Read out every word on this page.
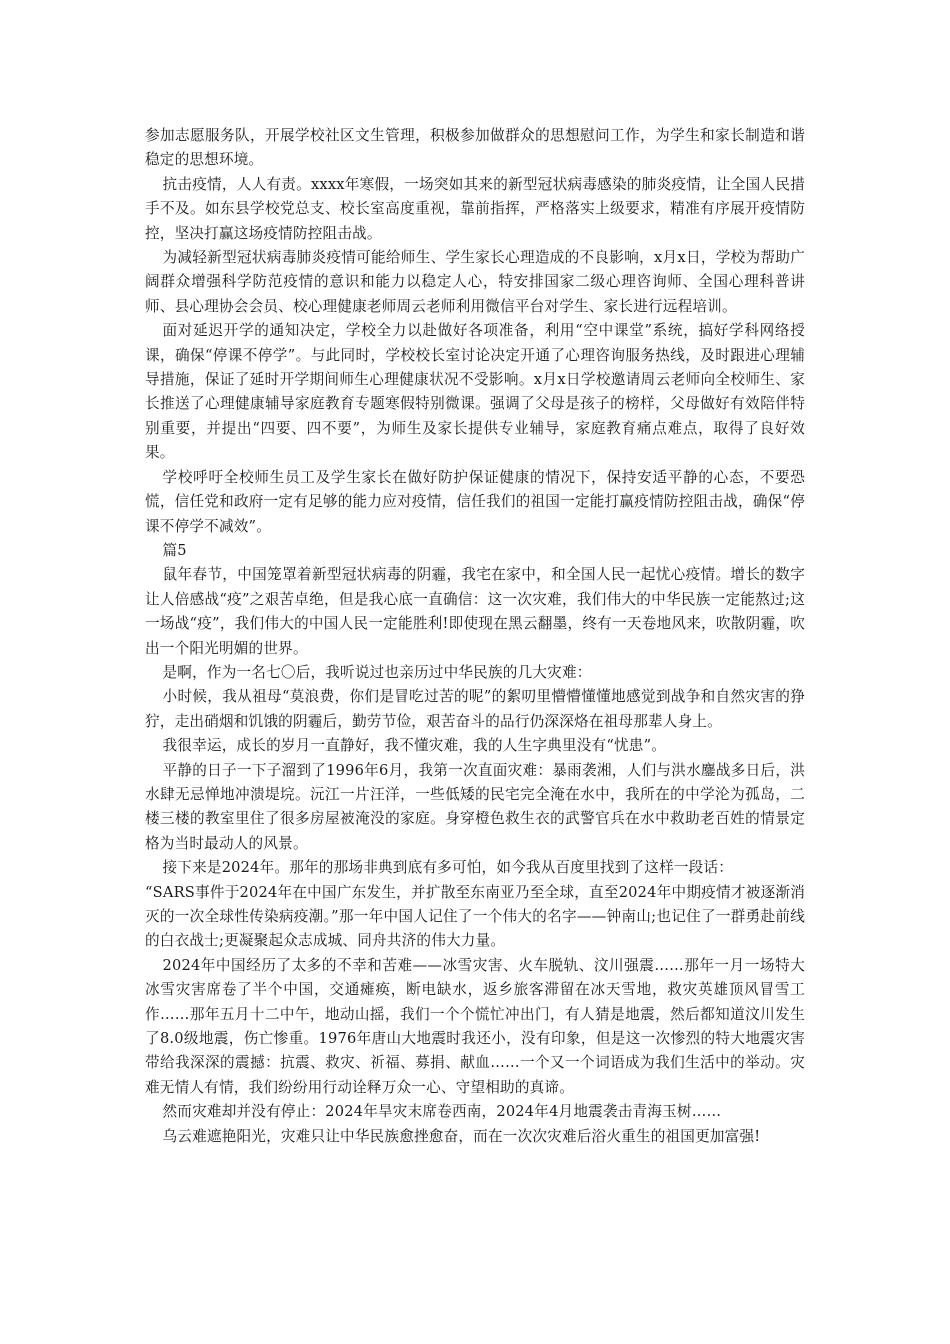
参加志愿服务队，开展学校社区文生管理，积极参加做群众的思想慰问工作，为学生和家长制造和谐稳定的思想环境。

抗击疫情，人人有责。xxxx年寒假，一场突如其来的新型冠状病毒感染的肺炎疫情，让全国人民措手不及。如东县学校党总支、校长室高度重视，靠前指挥，严格落实上级要求，精准有序展开疫情防控，坚决打赢这场疫情防控阻击战。

为减轻新型冠状病毒肺炎疫情可能给师生、学生家长心理造成的不良影响，x月x日，学校为帮助广阔群众增强科学防范疫情的意识和能力以稳定人心，特安排国家二级心理咨询师、全国心理科普讲师、县心理协会会员、校心理健康老师周云老师利用微信平台对学生、家长进行远程培训。

面对延迟开学的通知决定，学校全力以赴做好各项准备，利用“空中课堂”系统，搞好学科网络授课，确保“停课不停学”。与此同时，学校校长室讨论决定开通了心理咨询服务热线，及时跟进心理辅导措施，保证了延时开学期间师生心理健康状况不受影响。x月x日学校邀请周云老师向全校师生、家长推送了心理健康辅导家庭教育专题寒假特别微课。强调了父母是孩子的榜样，父母做好有效陪伴特别重要，并提出“四要、四不要”，为师生及家长提供专业辅导，家庭教育痛点难点，取得了良好效果。

学校呼吁全校师生员工及学生家长在做好防护保证健康的情况下，保持安适平静的心态，不要恐慌，信任党和政府一定有足够的能力应对疫情，信任我们的祖国一定能打赢疫情防控阻击战，确保“停课不停学不减效”。

篇5

鼠年春节，中国笼罩着新型冠状病毒的阴霾，我宅在家中，和全国人民一起忧心疫情。增长的数字让人倍感战“疫”之艰苦卓绝，但是我心底一直确信：这一次灾难，我们伟大的中华民族一定能熬过;这一场战“疫”，我们伟大的中国人民一定能胜利!即使现在黑云翻墨，终有一天卷地风来，吹散阴霾，吹出一个阳光明媚的世界。

是啊，作为一名七〇后，我听说过也亲历过中华民族的几大灾难：

小时候，我从祖母“莫浪费，你们是冒吃过苦的呢”的絮叨里懵懵懂懂地感觉到战争和自然灾害的狰狞，走出硝烟和饥饿的阴霾后，勤劳节俭，艰苦奋斗的品行仍深深烙在祖母那辈人身上。

我很幸运，成长的岁月一直静好，我不懂灾难，我的人生字典里没有“忧患”。

平静的日子一下子溜到了1996年6月，我第一次直面灾难：暴雨袭湘，人们与洪水鏖战多日后，洪水肆无忌惮地冲溃堤垸。沅江一片汪洋，一些低矮的民宅完全淹在水中，我所在的中学沦为孤岛，二楼三楼的教室里住了很多房屋被淹没的家庭。身穿橙色救生衣的武警官兵在水中救助老百姓的情景定格为当时最动人的风景。

接下来是2024年。那年的那场非典到底有多可怕，如今我从百度里找到了这样一段话：

“SARS事件于2024年在中国广东发生，并扩散至东南亚乃至全球，直至2024年中期疫情才被逐渐消灭的一次全球性传染病疫潮。”那一年中国人记住了一个伟大的名字——钟南山;也记住了一群勇赴前线的白衣战士;更凝聚起众志成城、同舟共济的伟大力量。

2024年中国经历了太多的不幸和苦难——冰雪灾害、火车脱轨、汶川强震……那年一月一场特大冰雪灾害席卷了半个中国，交通瘫痪，断电缺水，返乡旅客滞留在冰天雪地，救灾英雄顶风冒雪工作……那年五月十二中午，地动山摇，我们一个个慌忙冲出门，有人猜是地震，然后都知道汶川发生了8.0级地震，伤亡惨重。1976年唐山大地震时我还小，没有印象，但是这一次惨烈的特大地震灾害带给我深深的震撼：抗震、救灾、祈福、募捐、献血……一个又一个词语成为我们生活中的举动。灾难无情人有情，我们纷纷用行动诠释万众一心、守望相助的真谛。

然而灾难却并没有停止：2024年旱灾末席卷西南，2024年4月地震袭击青海玉树……

乌云难遮艳阳光，灾难只让中华民族愈挫愈奋，而在一次次灾难后浴火重生的祖国更加富强!
